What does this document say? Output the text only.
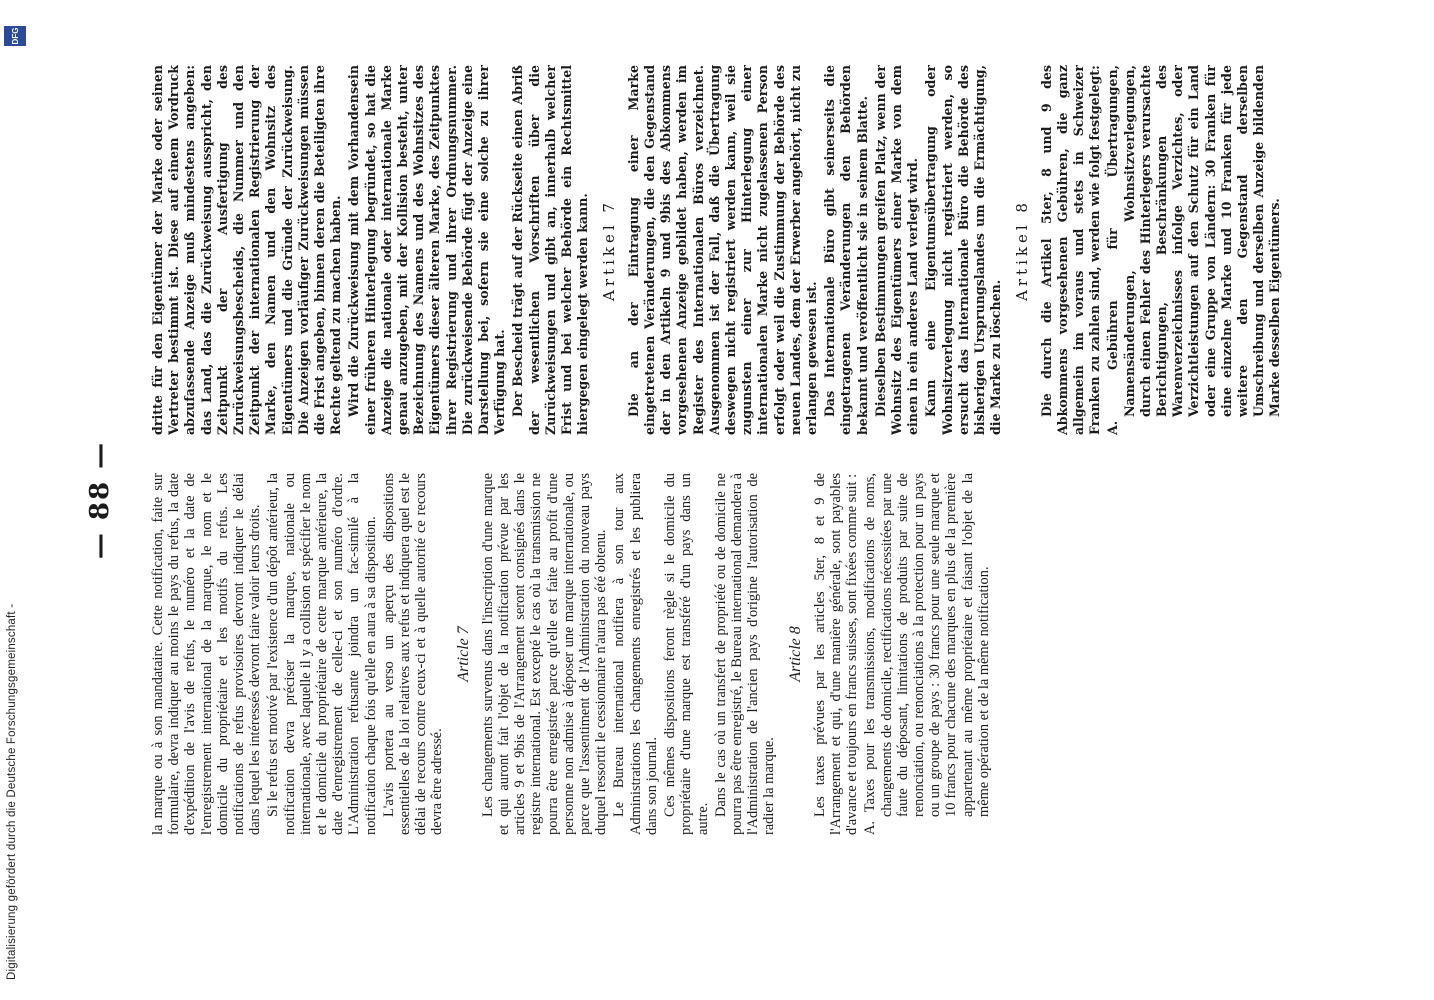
Digitalisierung gefördert durch die Deutsche Forschungsgemeinschaft -
DFG
— 88 — la marque ou à son mandataire. Cette notification, faite sur formulaire, devra indiquer au moins le pays du refus, la date d'expédition de l'avis de refus, le numéro et la date de l'enregistrement international de la marque, le nom et le domicile du propriétaire et les motifs du refus. Les notifications de refus provisoires devront indiquer le délai dans lequel les intéressés devront faire valoir leurs droits. Si le refus est motivé par l'existence d'un dépôt antérieur, la notification devra préciser la marque, nationale ou internationale, avec laquelle il y a collision et spécifier le nom et le domicile du propriétaire de cette marque antérieure, la date d'enregistrement de celle-ci et son numéro d'ordre. L'Administration refusante joindra un fac-similé à la notification chaque fois qu'elle en aura à sa disposition. L'avis portera au verso un aperçu des dispositions essentielles de la loi relatives aux refus et indiquera quel est le délai de recours contre ceux-ci et à quelle autorité ce recours devra être adressé.

Article 7 Les changements survenus dans l'inscription d'une marque et qui auront fait l'objet de la notification prévue par les articles 9 et 9bis de l'Arrangement seront consignés dans le registre international. Est excepté le cas où la transmission ne pourra être enregistrée parce qu'elle est faite au profit d'une personne non admise à déposer une marque internationale, ou parce que l'assentiment de l'Administration du nouveau pays duquel ressortit le cessionnaire n'aura pas été obtenu. Le Bureau international notifiera à son tour aux Administrations les changements enregistrés et les publiera dans son journal. Ces mêmes dispositions feront règle si le domicile du propriétaire d'une marque est transféré d'un pays dans un autre.

Dans le cas où un transfert de propriété ou de domicile ne pourra pas être enregistré, le Bureau international demandera à l'Administration de l'ancien pays d'origine l'autorisation de radier la marque.

Article 8 Les taxes prévues par les articles 5ter, 8 et 9 de l'Arrangement et qui, d'une manière générale, sont payables d'avance et toujours en francs suisses, sont fixées comme suit : A. Taxes pour les transmissions, modifications de noms, changements de domicile, rectifications nécessitées par une faute du déposant, limitations de produits par suite de renonciation, ou renonciations à la protection pour un pays ou un groupe de pays : 30 francs pour une seule marque et 10 francs pour chacune des marques en plus de la première appartenant au même propriétaire et faisant l'objet de la même opération et de la même notification.

dritte für den Eigentümer der Marke oder seinen Vertreter bestimmt ist. Diese auf einem Vordruck abzufassende Anzeige muß mindestens angeben: das Land, das die Zurückweisung ausspricht, den Zeitpunkt der Ausfertigung des Zurückweisungsbescheids, die Nummer und den Zeitpunkt der internationalen Registrierung der Marke, den Namen und den Wohnsitz des Eigentümers und die Gründe der Zurückweisung. Die Anzeigen vorläufiger Zurückweisungen müssen die Frist angeben, binnen deren die Beteiligten ihre Rechte geltend zu machen haben. Wird die Zurückweisung mit dem Vorhandensein einer früheren Hinterlegung begründet, so hat die Anzeige die nationale oder internationale Marke genau anzugeben, mit der Kollision besteht, unter Bezeichnung des Namens und des Wohnsitzes des Eigentümers dieser älteren Marke, des Zeitpunktes ihrer Registrierung und ihrer Ordnungsnummer. Die zurückweisende Behörde fügt der Anzeige eine Darstellung bei, sofern sie eine solche zu ihrer Verfügung hat. Der Bescheid trägt auf der Rückseite einen Abriß der wesentlichen Vorschriften über die Zurückweisungen und gibt an, innerhalb welcher Frist und bei welcher Behörde ein Rechtsmittel hiergegen eingelegt werden kann. Artikel 7 Die an der Eintragung einer Marke eingetretenen Veränderungen, die den Gegenstand der in den Artikeln 9 und 9bis des Abkommens vorgesehenen Anzeige gebildet haben, werden im Register des Internationalen Büros verzeichnet. Ausgenommen ist der Fall, daß die Übertragung deswegen nicht registriert werden kann, weil sie zugunsten einer zur Hinterlegung einer internationalen Marke nicht zugelassenen Person erfolgt oder weil die Zustimmung der Behörde des neuen Landes, dem der Erwerber angehört, nicht zu erlangen gewesen ist. Das Internationale Büro gibt seinerseits die eingetragenen Veränderungen den Behörden bekannt und veröffentlicht sie in seinem Blatte. Dieselben Bestimmungen greifen Platz, wenn der Wohnsitz des Eigentümers einer Marke von dem einen in ein anderes Land verlegt wird. Kann eine Eigentumsübertragung oder Wohnsitzverlegung nicht registriert werden, so ersucht das Internationale Büro die Behörde des bisherigen Ursprungslandes um die Ermächtigung, die Marke zu löschen.

Artikel 8 Die durch die Artikel 5ter, 8 und 9 des Abkommens vorgesehenen Gebühren, die ganz allgemein im voraus und stets in Schweizer Franken zu zahlen sind, werden wie folgt festgelegt: A. Gebühren für Übertragungen, Namensänderungen, Wohnsitzverlegungen, durch einen Fehler des Hinterlegers verursachte Berichtigungen, Beschränkungen des Warenverzeichnisses infolge Verzichtes, oder Verzichtleistungen auf den Schutz für ein Land oder eine Gruppe von Ländern: 30 Franken für eine einzelne Marke und 10 Franken für jede weitere den Gegenstand derselben Umschreibung und derselben Anzeige bildenden Marke desselben Eigentümers.
